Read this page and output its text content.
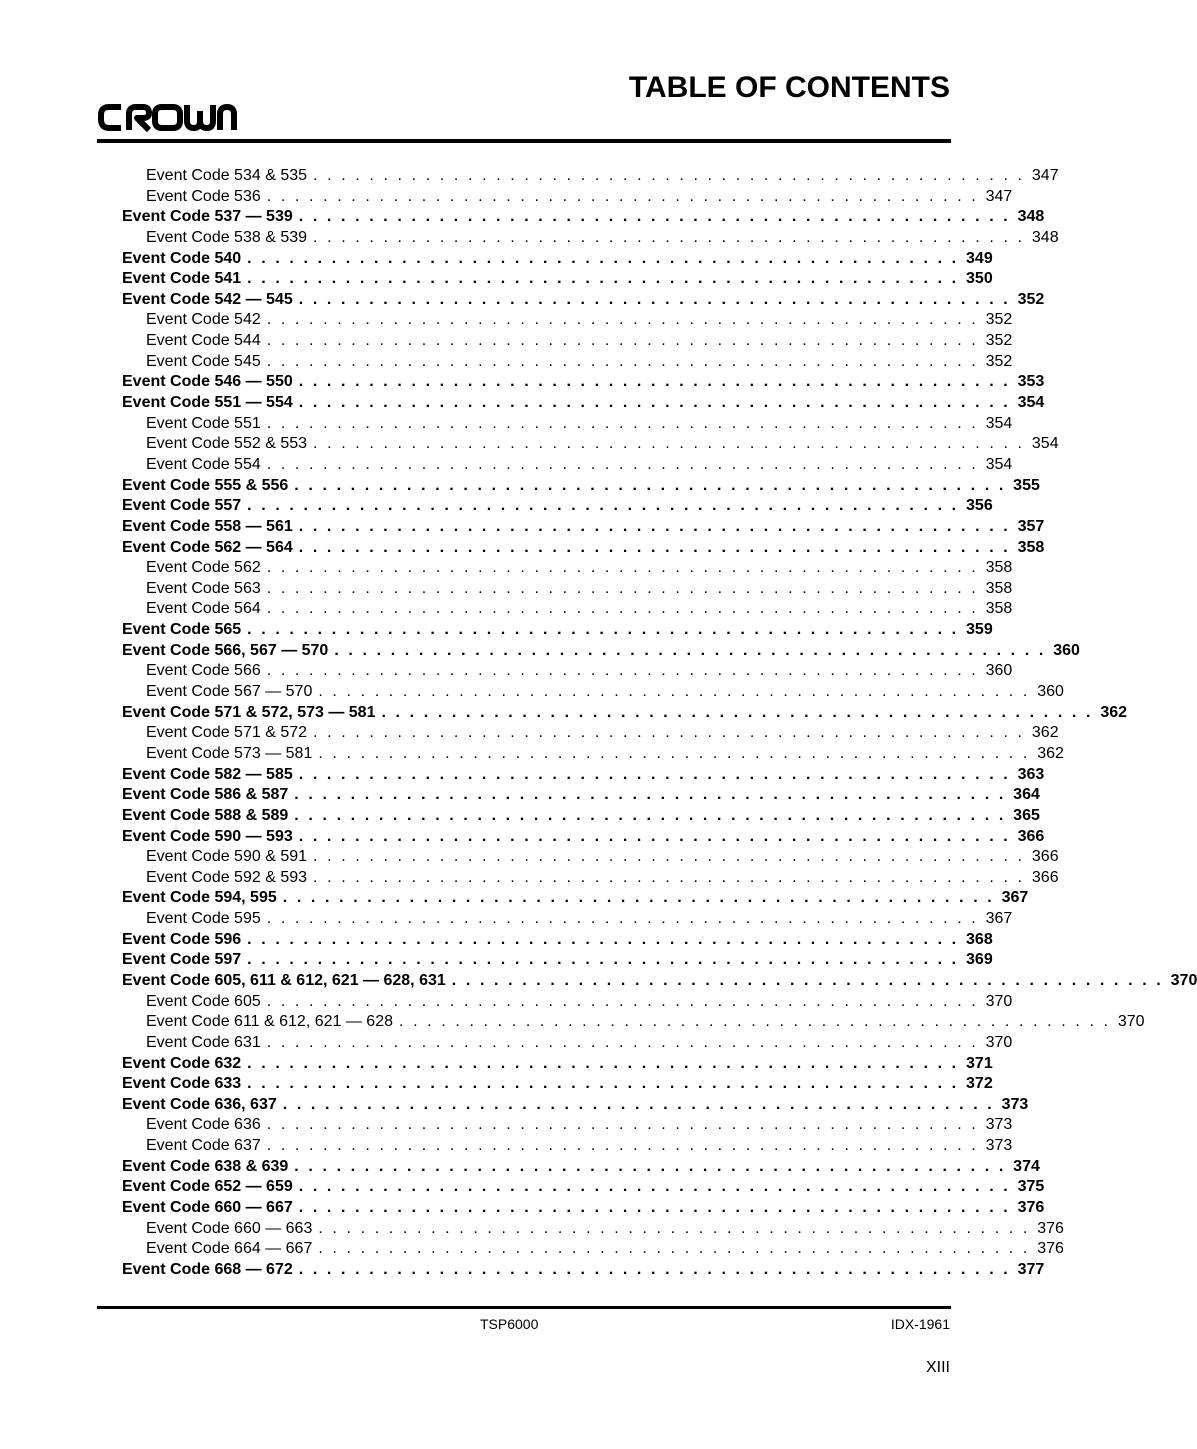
TABLE OF CONTENTS
Event Code 534 & 535 . . . . . . . . . . . . . . . . . . . . . . . . . . . . . . . . . . . . . . . . . . . . . . . . . . . 347
Event Code 536 . . . . . . . . . . . . . . . . . . . . . . . . . . . . . . . . . . . . . . . . . . . . . . . . . . . 347
Event Code 537 — 539 . . . . . . . . . . . . . . . . . . . . . . . . . . . . . . . . . . . . . . . . . . . . . . . . . . . 348
Event Code 538 & 539 . . . . . . . . . . . . . . . . . . . . . . . . . . . . . . . . . . . . . . . . . . . . . . . . . . . 348
Event Code 540 . . . . . . . . . . . . . . . . . . . . . . . . . . . . . . . . . . . . . . . . . . . . . . . . . . . 349
Event Code 541 . . . . . . . . . . . . . . . . . . . . . . . . . . . . . . . . . . . . . . . . . . . . . . . . . . . 350
Event Code 542 — 545 . . . . . . . . . . . . . . . . . . . . . . . . . . . . . . . . . . . . . . . . . . . . . . . . . . . 352
Event Code 542 . . . . . . . . . . . . . . . . . . . . . . . . . . . . . . . . . . . . . . . . . . . . . . . . . . . 352
Event Code 544 . . . . . . . . . . . . . . . . . . . . . . . . . . . . . . . . . . . . . . . . . . . . . . . . . . . 352
Event Code 545 . . . . . . . . . . . . . . . . . . . . . . . . . . . . . . . . . . . . . . . . . . . . . . . . . . . 352
Event Code 546 — 550 . . . . . . . . . . . . . . . . . . . . . . . . . . . . . . . . . . . . . . . . . . . . . . . . . . . 353
Event Code 551 — 554 . . . . . . . . . . . . . . . . . . . . . . . . . . . . . . . . . . . . . . . . . . . . . . . . . . . 354
Event Code 551 . . . . . . . . . . . . . . . . . . . . . . . . . . . . . . . . . . . . . . . . . . . . . . . . . . . 354
Event Code 552 & 553 . . . . . . . . . . . . . . . . . . . . . . . . . . . . . . . . . . . . . . . . . . . . . . . . . . . 354
Event Code 554 . . . . . . . . . . . . . . . . . . . . . . . . . . . . . . . . . . . . . . . . . . . . . . . . . . . 354
Event Code 555 & 556 . . . . . . . . . . . . . . . . . . . . . . . . . . . . . . . . . . . . . . . . . . . . . . . . . . . 355
Event Code 557 . . . . . . . . . . . . . . . . . . . . . . . . . . . . . . . . . . . . . . . . . . . . . . . . . . . 356
Event Code 558 — 561 . . . . . . . . . . . . . . . . . . . . . . . . . . . . . . . . . . . . . . . . . . . . . . . . . . . 357
Event Code 562 — 564 . . . . . . . . . . . . . . . . . . . . . . . . . . . . . . . . . . . . . . . . . . . . . . . . . . . 358
Event Code 562 . . . . . . . . . . . . . . . . . . . . . . . . . . . . . . . . . . . . . . . . . . . . . . . . . . . 358
Event Code 563 . . . . . . . . . . . . . . . . . . . . . . . . . . . . . . . . . . . . . . . . . . . . . . . . . . . 358
Event Code 564 . . . . . . . . . . . . . . . . . . . . . . . . . . . . . . . . . . . . . . . . . . . . . . . . . . . 358
Event Code 565 . . . . . . . . . . . . . . . . . . . . . . . . . . . . . . . . . . . . . . . . . . . . . . . . . . . 359
Event Code 566, 567 — 570 . . . . . . . . . . . . . . . . . . . . . . . . . . . . . . . . . . . . . . . . . . . . . . . . . . . 360
Event Code 566 . . . . . . . . . . . . . . . . . . . . . . . . . . . . . . . . . . . . . . . . . . . . . . . . . . . 360
Event Code 567 — 570 . . . . . . . . . . . . . . . . . . . . . . . . . . . . . . . . . . . . . . . . . . . . . . . . . . . 360
Event Code 571 & 572, 573 — 581 . . . . . . . . . . . . . . . . . . . . . . . . . . . . . . . . . . . . . . . . . . . . . . . . . . . 362
Event Code 571 & 572 . . . . . . . . . . . . . . . . . . . . . . . . . . . . . . . . . . . . . . . . . . . . . . . . . . . 362
Event Code 573 — 581 . . . . . . . . . . . . . . . . . . . . . . . . . . . . . . . . . . . . . . . . . . . . . . . . . . . 362
Event Code 582 — 585 . . . . . . . . . . . . . . . . . . . . . . . . . . . . . . . . . . . . . . . . . . . . . . . . . . . 363
Event Code 586 & 587 . . . . . . . . . . . . . . . . . . . . . . . . . . . . . . . . . . . . . . . . . . . . . . . . . . . 364
Event Code 588 & 589 . . . . . . . . . . . . . . . . . . . . . . . . . . . . . . . . . . . . . . . . . . . . . . . . . . . 365
Event Code 590 — 593 . . . . . . . . . . . . . . . . . . . . . . . . . . . . . . . . . . . . . . . . . . . . . . . . . . . 366
Event Code 590 & 591 . . . . . . . . . . . . . . . . . . . . . . . . . . . . . . . . . . . . . . . . . . . . . . . . . . . 366
Event Code 592 & 593 . . . . . . . . . . . . . . . . . . . . . . . . . . . . . . . . . . . . . . . . . . . . . . . . . . . 366
Event Code 594, 595 . . . . . . . . . . . . . . . . . . . . . . . . . . . . . . . . . . . . . . . . . . . . . . . . . . . 367
Event Code 595 . . . . . . . . . . . . . . . . . . . . . . . . . . . . . . . . . . . . . . . . . . . . . . . . . . . 367
Event Code 596 . . . . . . . . . . . . . . . . . . . . . . . . . . . . . . . . . . . . . . . . . . . . . . . . . . . 368
Event Code 597 . . . . . . . . . . . . . . . . . . . . . . . . . . . . . . . . . . . . . . . . . . . . . . . . . . . 369
Event Code 605, 611 & 612, 621 — 628, 631 . . . . . . . . . . . . . . . . . . . . . . . . . . . . . . . . . . . . . . . . . . . . . . . . . . . 370
Event Code 605 . . . . . . . . . . . . . . . . . . . . . . . . . . . . . . . . . . . . . . . . . . . . . . . . . . . 370
Event Code 611 & 612, 621 — 628 . . . . . . . . . . . . . . . . . . . . . . . . . . . . . . . . . . . . . . . . . . . . . . . . . . . 370
Event Code 631 . . . . . . . . . . . . . . . . . . . . . . . . . . . . . . . . . . . . . . . . . . . . . . . . . . . 370
Event Code 632 . . . . . . . . . . . . . . . . . . . . . . . . . . . . . . . . . . . . . . . . . . . . . . . . . . . 371
Event Code 633 . . . . . . . . . . . . . . . . . . . . . . . . . . . . . . . . . . . . . . . . . . . . . . . . . . . 372
Event Code 636, 637 . . . . . . . . . . . . . . . . . . . . . . . . . . . . . . . . . . . . . . . . . . . . . . . . . . . 373
Event Code 636 . . . . . . . . . . . . . . . . . . . . . . . . . . . . . . . . . . . . . . . . . . . . . . . . . . . 373
Event Code 637 . . . . . . . . . . . . . . . . . . . . . . . . . . . . . . . . . . . . . . . . . . . . . . . . . . . 373
Event Code 638 & 639 . . . . . . . . . . . . . . . . . . . . . . . . . . . . . . . . . . . . . . . . . . . . . . . . . . . 374
Event Code 652 — 659 . . . . . . . . . . . . . . . . . . . . . . . . . . . . . . . . . . . . . . . . . . . . . . . . . . . 375
Event Code 660 — 667 . . . . . . . . . . . . . . . . . . . . . . . . . . . . . . . . . . . . . . . . . . . . . . . . . . . 376
Event Code 660 — 663 . . . . . . . . . . . . . . . . . . . . . . . . . . . . . . . . . . . . . . . . . . . . . . . . . . . 376
Event Code 664 — 667 . . . . . . . . . . . . . . . . . . . . . . . . . . . . . . . . . . . . . . . . . . . . . . . . . . . 376
Event Code 668 — 672 . . . . . . . . . . . . . . . . . . . . . . . . . . . . . . . . . . . . . . . . . . . . . . . . . . . 377
TSP6000	IDX-1961
XIII
